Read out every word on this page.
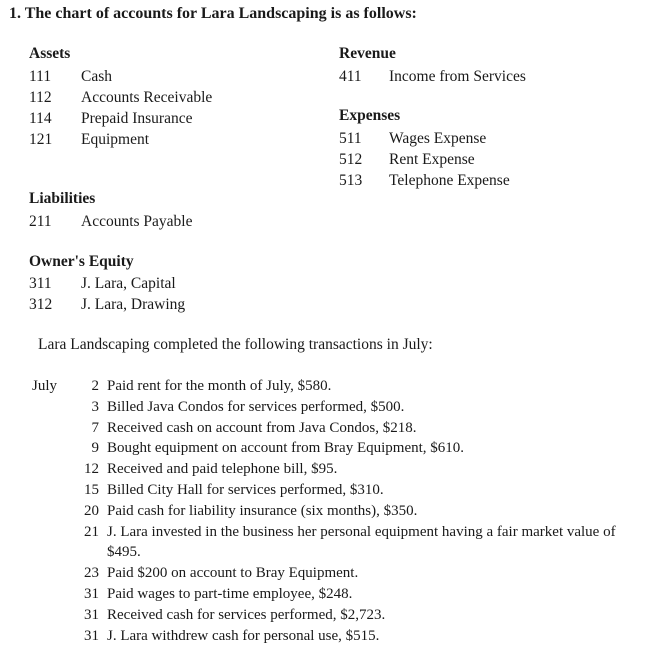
1. The chart of accounts for Lara Landscaping is as follows:
Assets
111 Cash
112 Accounts Receivable
114 Prepaid Insurance
121 Equipment
Revenue
411 Income from Services
Expenses
511 Wages Expense
512 Rent Expense
513 Telephone Expense
Liabilities
211 Accounts Payable
Owner's Equity
311 J. Lara, Capital
312 J. Lara, Drawing
Lara Landscaping completed the following transactions in July:
July 2 Paid rent for the month of July, $580.
3 Billed Java Condos for services performed, $500.
7 Received cash on account from Java Condos, $218.
9 Bought equipment on account from Bray Equipment, $610.
12 Received and paid telephone bill, $95.
15 Billed City Hall for services performed, $310.
20 Paid cash for liability insurance (six months), $350.
21 J. Lara invested in the business her personal equipment having a fair market value of $495.
23 Paid $200 on account to Bray Equipment.
31 Paid wages to part-time employee, $248.
31 Received cash for services performed, $2,723.
31 J. Lara withdrew cash for personal use, $515.
